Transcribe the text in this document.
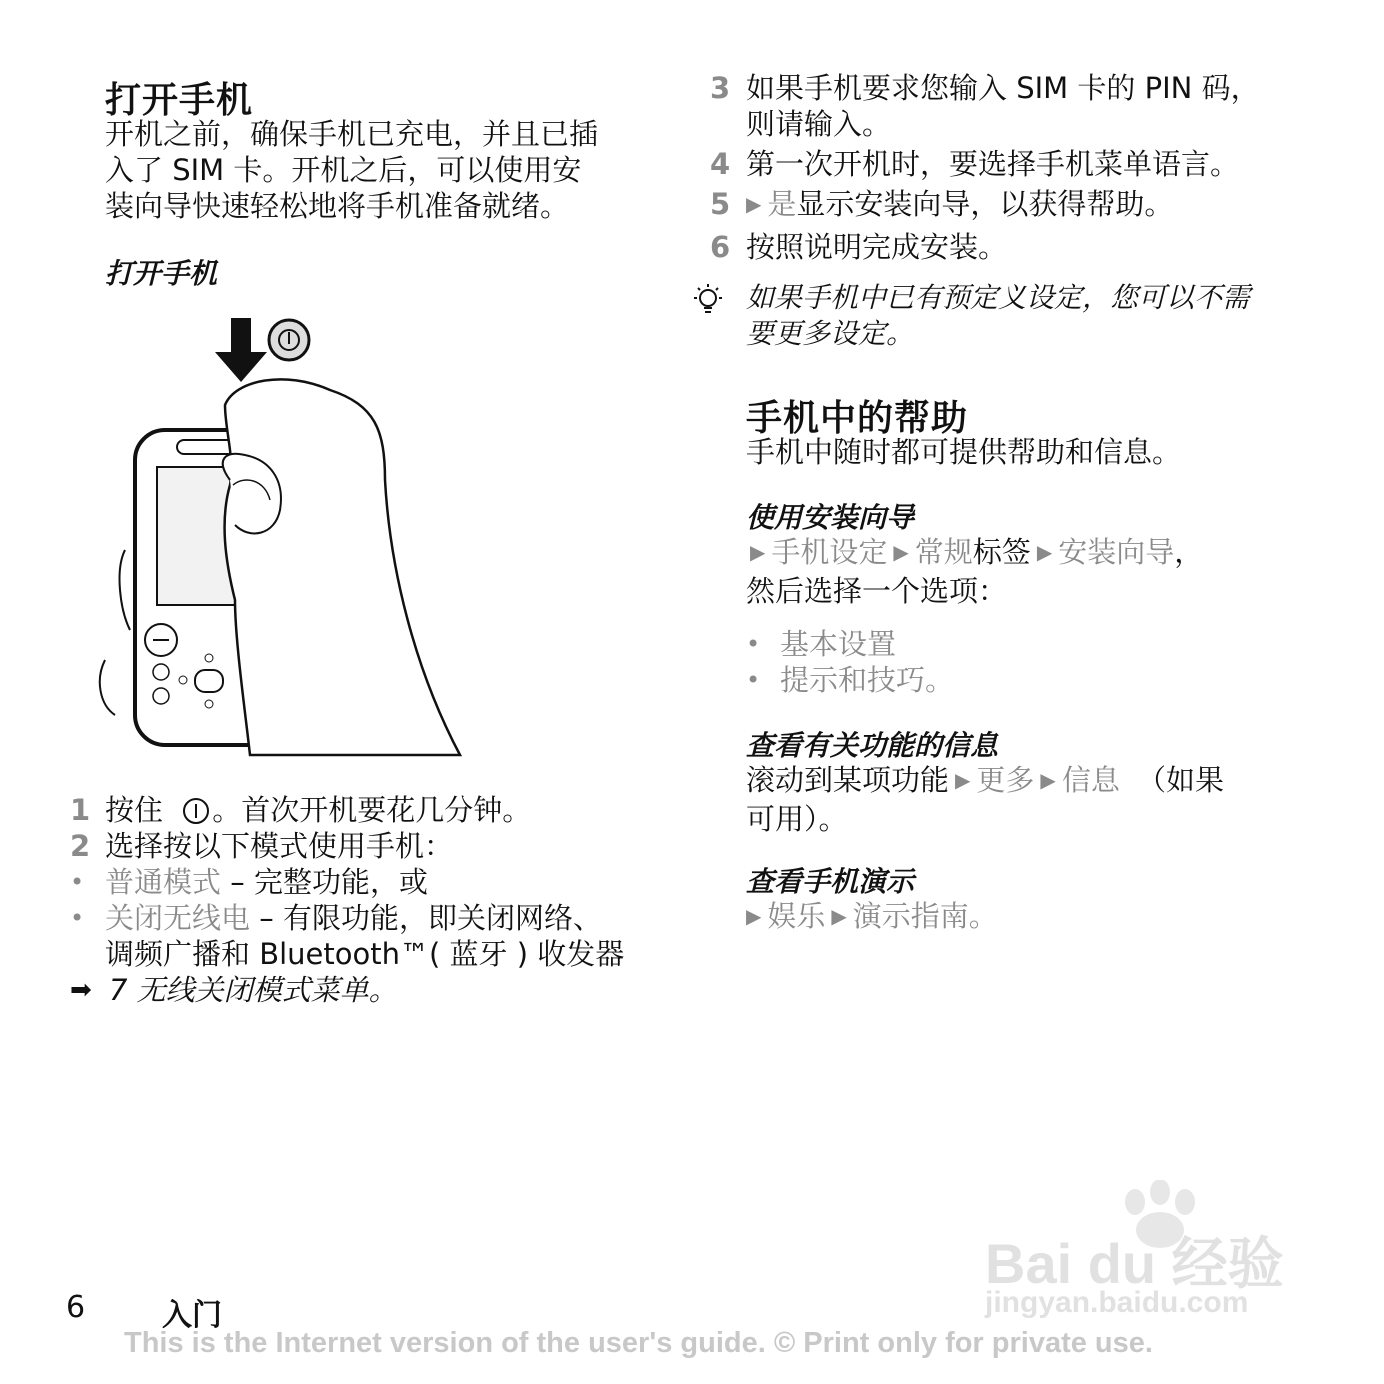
打开手机
开机之前，确保手机已充电，并且已插
入了 SIM 卡。开机之后，可以使用安
装向导快速轻松地将手机准备就绪。
打开手机
1 按住 。首次开机要花几分钟。
2 选择按以下模式使用手机：
• 普通模式 – 完整功能，或
• 关闭无线电 – 有限功能，即关闭网络、
调频广播和 Bluetooth™( 蓝牙 ) 收发器
➡ 7 无线关闭模式菜单。
3 如果手机要求您输入 SIM 卡的 PIN 码，
则请输入。
4 第一次开机时，要选择手机菜单语言。
5 ▶ 是显示安装向导，以获得帮助。
6 按照说明完成安装。
如果手机中已有预定义设定，您可以不需
要更多设定。
手机中的帮助
手机中随时都可提供帮助和信息。
使用安装向导
▶ 手机设定 ▶ 常规标签 ▶ 安装向导，
然后选择一个选项：
• 基本设置
• 提示和技巧。
查看有关功能的信息
滚动到某项功能 ▶ 更多 ▶ 信息 （如果
可用）。
查看手机演示
▶ 娱乐 ▶ 演示指南。
Bai du 经验
jingyan.baidu.com
6	入门
This is the Internet version of the user's guide. © Print only for private use.
